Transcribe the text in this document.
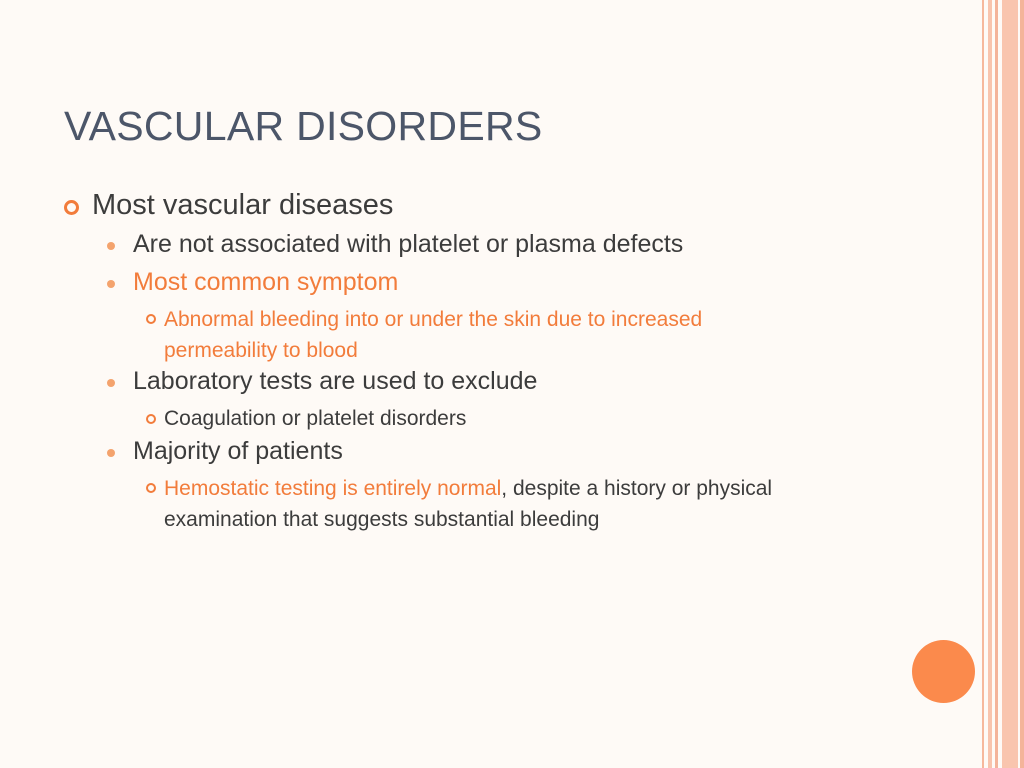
VASCULAR DISORDERS
Most vascular diseases
Are not associated with platelet or plasma defects
Most common symptom
Abnormal bleeding into or under the skin due to increased
permeability to blood
Laboratory tests are used to exclude
Coagulation or platelet disorders
Majority of patients
Hemostatic testing is entirely normal, despite a history or physical
examination that suggests substantial bleeding
